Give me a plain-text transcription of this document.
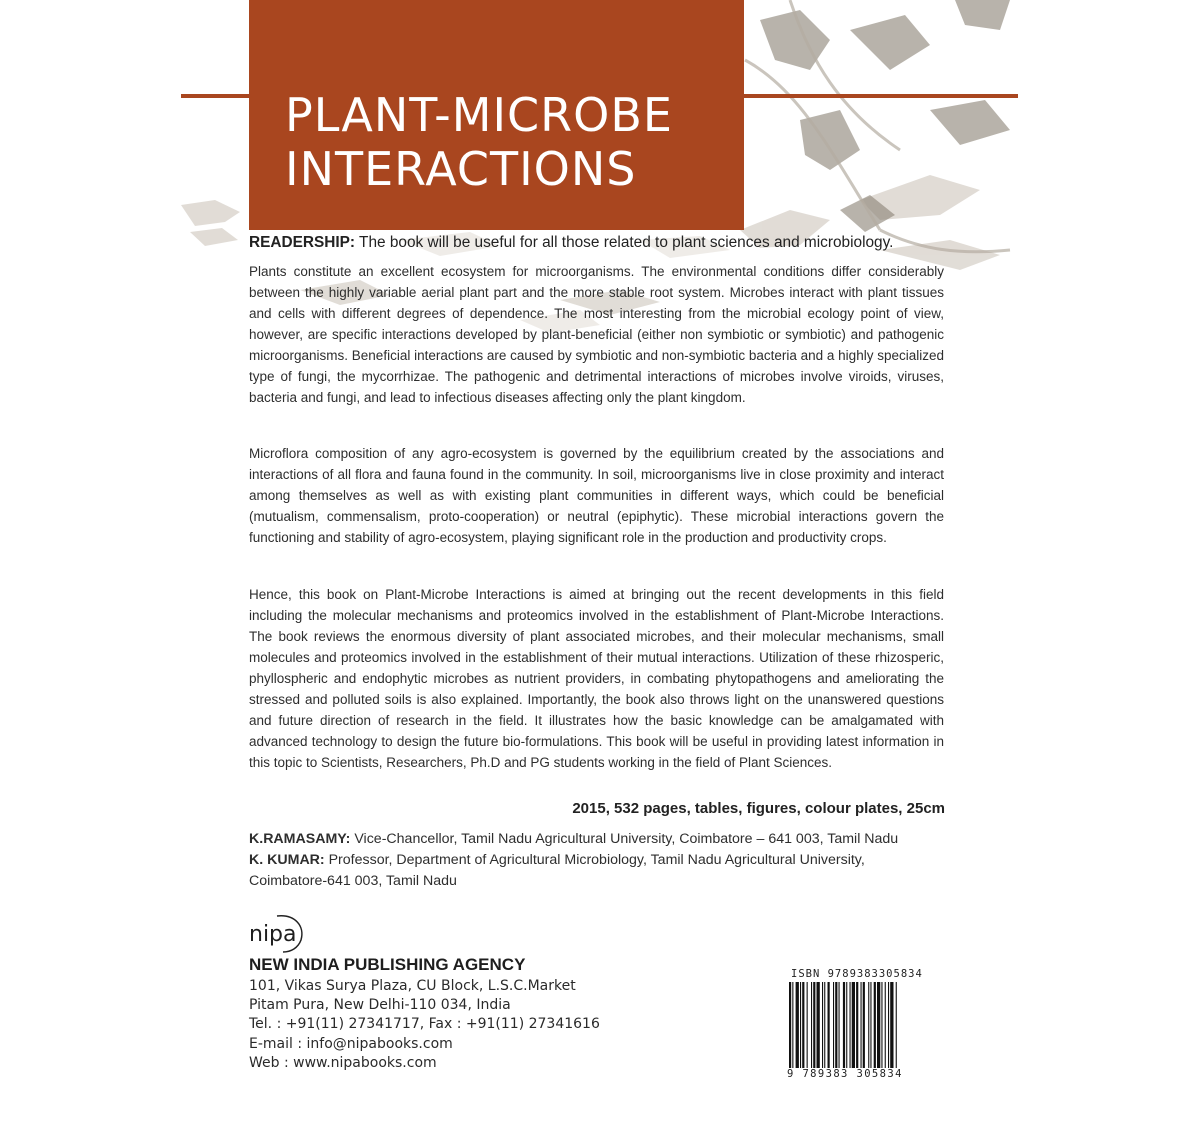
PLANT-MICROBE
INTERACTIONS
READERSHIP: The book will be useful for all those related to plant sciences and microbiology.
Plants constitute an excellent ecosystem for microorganisms. The environmental conditions differ considerably between the highly variable aerial plant part and the more stable root system. Microbes interact with plant tissues and cells with different degrees of dependence. The most interesting from the microbial ecology point of view, however, are specific interactions developed by plant-beneficial (either non symbiotic or symbiotic) and pathogenic microorganisms. Beneficial interactions are caused by symbiotic and non-symbiotic bacteria and a highly specialized type of fungi, the mycorrhizae. The pathogenic and detrimental interactions of microbes involve viroids, viruses, bacteria and fungi, and lead to infectious diseases affecting only the plant kingdom.
Microflora composition of any agro-ecosystem is governed by the equilibrium created by the associations and interactions of all flora and fauna found in the community. In soil, microorganisms live in close proximity and interact among themselves as well as with existing plant communities in different ways, which could be beneficial (mutualism, commensalism, proto-cooperation) or neutral (epiphytic). These microbial interactions govern the functioning and stability of agro-ecosystem, playing significant role in the production and productivity crops.
Hence, this book on Plant-Microbe Interactions is aimed at bringing out the recent developments in this field including the molecular mechanisms and proteomics involved in the establishment of Plant-Microbe Interactions. The book reviews the enormous diversity of plant associated microbes, and their molecular mechanisms, small molecules and proteomics involved in the establishment of their mutual interactions. Utilization of these rhizosperic, phyllospheric and endophytic microbes as nutrient providers, in combating phytopathogens and ameliorating the stressed and polluted soils is also explained. Importantly, the book also throws light on the unanswered questions and future direction of research in the field. It illustrates how the basic knowledge can be amalgamated with advanced technology to design the future bio-formulations. This book will be useful in providing latest information in this topic to Scientists, Researchers, Ph.D and PG students working in the field of Plant Sciences.
2015, 532 pages, tables, figures, colour plates, 25cm
K.RAMASAMY: Vice-Chancellor, Tamil Nadu Agricultural University, Coimbatore – 641 003, Tamil Nadu
K. KUMAR: Professor, Department of Agricultural Microbiology, Tamil Nadu Agricultural University,
Coimbatore-641 003, Tamil Nadu
nipa
NEW INDIA PUBLISHING AGENCY
101, Vikas Surya Plaza, CU Block, L.S.C.Market
Pitam Pura, New Delhi-110 034, India
Tel. : +91(11) 27341717, Fax : +91(11) 27341616
E-mail : info@nipabooks.com
Web : www.nipabooks.com
ISBN 9789383305834
9 789383 305834
